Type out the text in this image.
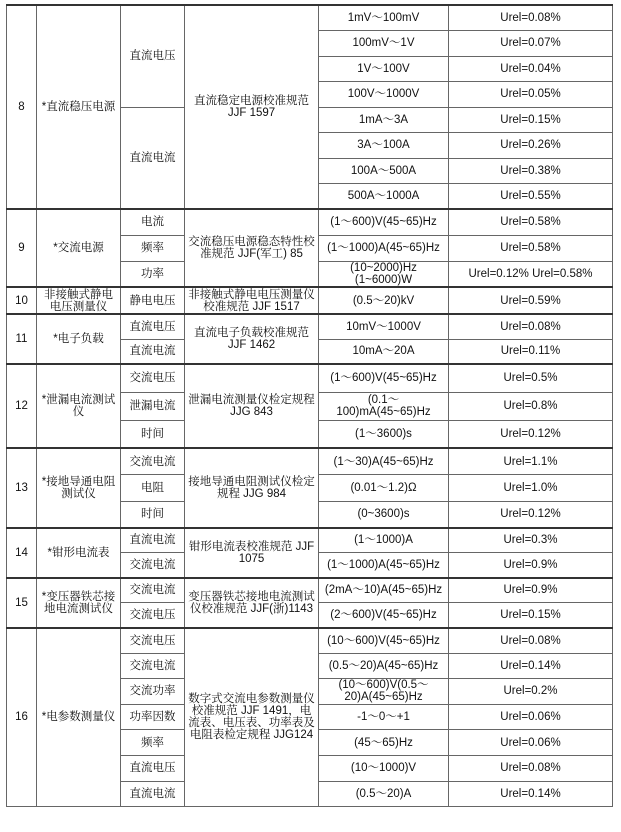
8	*直流稳压电源	直流电压	直流稳定电源校准规范 JJF 1597	1mV～100mV	Urel=0.08%
				100mV～1V	Urel=0.07%
				1V～100V	Urel=0.04%
				100V～1000V	Urel=0.05%
		直流电流		1mA～3A	Urel=0.15%
				3A～100A	Urel=0.26%
				100A～500A	Urel=0.38%
				500A～1000A	Urel=0.55%
9	*交流电源	电流	交流稳压电源稳态特性校准规范 JJF(军工) 85	(1～600)V(45~65)Hz	Urel=0.58%
		频率		(1～1000)A(45~65)Hz	Urel=0.58%
		功率		(10~2000)Hz (1~6000)W	Urel=0.12% Urel=0.58%
10	非接触式静电电压测量仪	静电电压	非接触式静电电压测量仪校准规范 JJF 1517	(0.5～20)kV	Urel=0.59%
11	*电子负载	直流电压	直流电子负载校准规范 JJF 1462	10mV～1000V	Urel=0.08%
		直流电流		10mA～20A	Urel=0.11%
12	*泄漏电流测试仪	交流电压	泄漏电流测量仪检定规程 JJG 843	(1～600)V(45~65)Hz	Urel=0.5%
		泄漏电流		(0.1～100)mA(45~65)Hz	Urel=0.8%
		时间		(1～3600)s	Urel=0.12%
13	*接地导通电阻测试仪	交流电流	接地导通电阻测试仪检定规程 JJG 984	(1～30)A(45~65)Hz	Urel=1.1%
		电阻		(0.01～1.2)Ω	Urel=1.0%
		时间		(0~3600)s	Urel=0.12%
14	*钳形电流表	直流电流	钳形电流表校准规范 JJF 1075	(1～1000)A	Urel=0.3%
		交流电流		(1～1000)A(45~65)Hz	Urel=0.9%
15	*变压器铁芯接地电流测试仪	交流电流	变压器铁芯接地电流测试仪校准规范 JJF(浙)1143	(2mA～10)A(45~65)Hz	Urel=0.9%
		交流电压		(2～600)V(45~65)Hz	Urel=0.15%
16	*电参数测量仪	交流电压	数字式交流电参数测量仪校准规范 JJF 1491，电流表、电压表、功率表及电阻表检定规程 JJG124	(10～600)V(45~65)Hz	Urel=0.08%
		交流电流		(0.5～20)A(45~65)Hz	Urel=0.14%
		交流功率		(10～600)V(0.5～20)A(45~65)Hz	Urel=0.2%
		功率因数		-1～0～+1	Urel=0.06%
		频率		(45～65)Hz	Urel=0.06%
		直流电压		(10～1000)V	Urel=0.08%
		直流电流		(0.5～20)A	Urel=0.14%
